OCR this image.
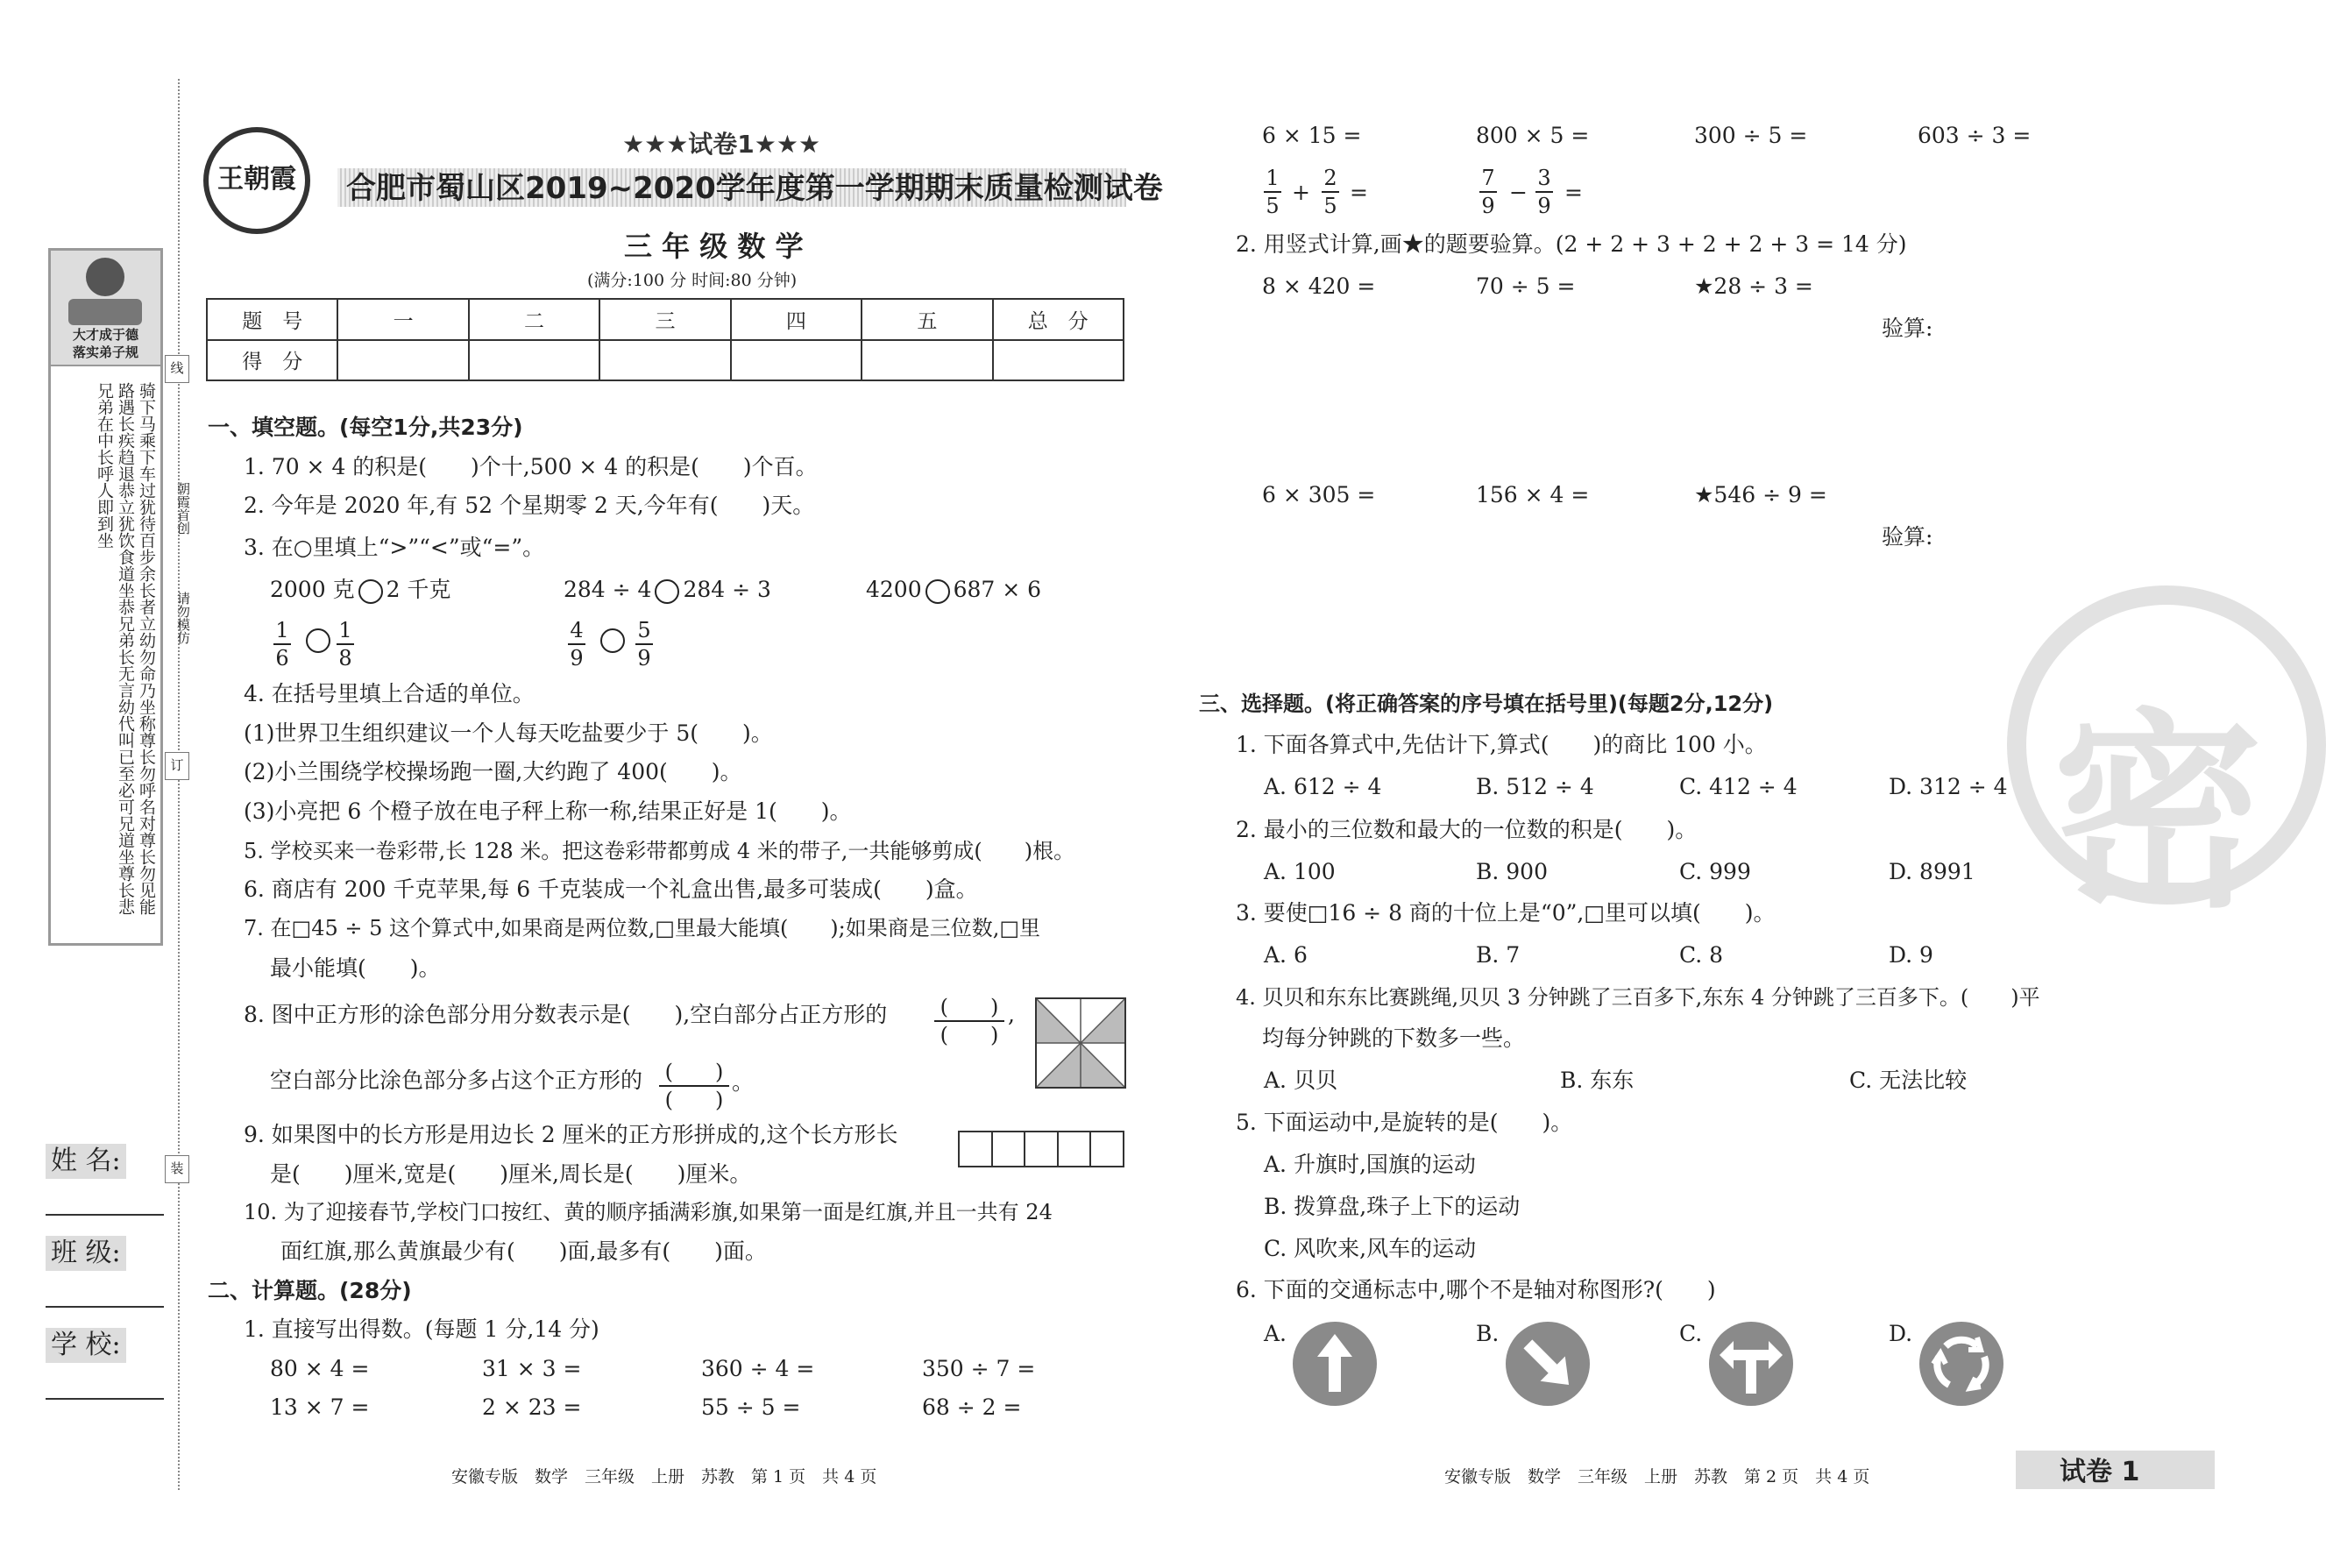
大才成于德
落实弟子规
骑下马乘下车过犹待百步余长者立幼勿命乃坐称尊长勿呼名对尊长勿见能路遇长疾趋退恭立犹饮食道坐恭兄弟长无言幼代叫已至必可兄道坐尊长悲兄弟在中长呼人即到坐
线
朝霞首创
请勿模仿
订
装
姓 名:
班 级:
学 校:
王朝霞
★★★试卷1★★★
合肥市蜀山区2019~2020学年度第一学期期末质量检测试卷
三 年 级 数 学
(满分:100 分 时间:80 分钟)
题　号	一	二	三	四	五	总　分
得　分						
一、填空题。(每空1分,共23分)
1. 70 × 4 的积是(　　)个十,500 × 4 的积是(　　)个百。
2. 今年是 2020 年,有 52 个星期零 2 天,今年有(　　)天。
3. 在○里填上“>”“<”或“=”。
2000 克 2 千克	284 ÷ 4 284 ÷ 3	4200 687 × 6
1
6
1
8
4
9
5
9
4. 在括号里填上合适的单位。
(1)世界卫生组织建议一个人每天吃盐要少于 5(　　)。
(2)小兰围绕学校操场跑一圈,大约跑了 400(　　)。
(3)小亮把 6 个橙子放在电子秤上称一称,结果正好是 1(　　)。
5. 学校买来一卷彩带,长 128 米。把这卷彩带都剪成 4 米的带子,一共能够剪成(　　)根。
6. 商店有 200 千克苹果,每 6 千克装成一个礼盒出售,最多可装成(　　)盒。
7. 在□45 ÷ 5 这个算式中,如果商是两位数,□里最大能填(　　);如果商是三位数,□里
最小能填(　　)。
8. 图中正方形的涂色部分用分数表示是(　　),空白部分占正方形的	(　　)
(　　)
,
空白部分比涂色部分多占这个正方形的 (　　)
(　　)
。
9. 如果图中的长方形是用边长 2 厘米的正方形拼成的,这个长方形长
是(　　)厘米,宽是(　　)厘米,周长是(　　)厘米。
10. 为了迎接春节,学校门口按红、黄的顺序插满彩旗,如果第一面是红旗,并且一共有 24
面红旗,那么黄旗最少有(　　)面,最多有(　　)面。
二、计算题。(28分)
1. 直接写出得数。(每题 1 分,14 分)
80 × 4 =	31 × 3 =	360 ÷ 4 =	350 ÷ 7 =
13 × 7 =	2 × 23 =	55 ÷ 5 =	68 ÷ 2 =
安徽专版　数学　三年级　上册　苏教　第 1 页　共 4 页
密
6 × 15 =	800 × 5 =	300 ÷ 5 =	603 ÷ 3 =
1
5
+
2
5
=
7
9
−
3
9
=
2. 用竖式计算,画★的题要验算。(2 + 2 + 3 + 2 + 2 + 3 = 14 分)
8 × 420 =	70 ÷ 5 =	★28 ÷ 3 =
验算:
6 × 305 =	156 × 4 =	★546 ÷ 9 =
验算:
三、选择题。(将正确答案的序号填在括号里)(每题2分,12分)
1. 下面各算式中,先估计下,算式(　　)的商比 100 小。
A. 612 ÷ 4	B. 512 ÷ 4	C. 412 ÷ 4	D. 312 ÷ 4
2. 最小的三位数和最大的一位数的积是(　　)。
A. 100	B. 900	C. 999	D. 8991
3. 要使□16 ÷ 8 商的十位上是“0”,□里可以填(　　)。
A. 6	B. 7	C. 8	D. 9
4. 贝贝和东东比赛跳绳,贝贝 3 分钟跳了三百多下,东东 4 分钟跳了三百多下。(　　)平
均每分钟跳的下数多一些。
A. 贝贝	B. 东东	C. 无法比较
5. 下面运动中,是旋转的是(　　)。
A. 升旗时,国旗的运动
B. 拨算盘,珠子上下的运动
C. 风吹来,风车的运动
6. 下面的交通标志中,哪个不是轴对称图形?(　　)
A.	B.	C.	D.
安徽专版　数学　三年级　上册　苏教　第 2 页　共 4 页	试卷 1
